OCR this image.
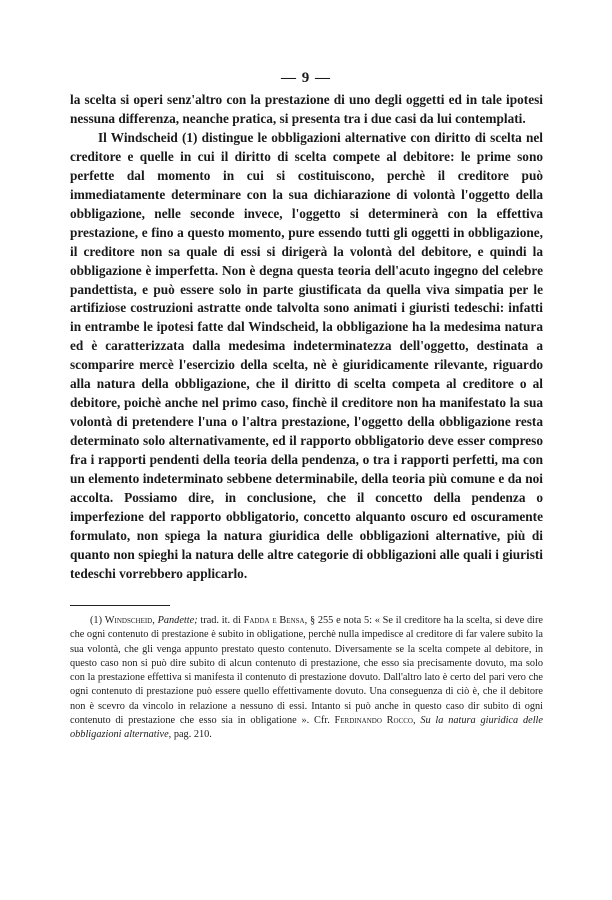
— 9 —

la scelta si operi senz'altro con la prestazione di uno degli oggetti ed in tale ipotesi nessuna differenza, neanche pratica, si presenta tra i due casi da lui contemplati.

Il Windscheid (1) distingue le obbligazioni alternative con diritto di scelta nel creditore e quelle in cui il diritto di scelta compete al debitore: le prime sono perfette dal momento in cui si costituiscono, perchè il creditore può immediatamente determinare con la sua dichiarazione di volontà l'oggetto della obbligazione, nelle seconde invece, l'oggetto si determinerà con la effettiva prestazione, e fino a questo momento, pure essendo tutti gli oggetti in obbligazione, il creditore non sa quale di essi si dirigerà la volontà del debitore, e quindi la obbligazione è imperfetta. Non è degna questa teoria dell'acuto ingegno del celebre pandettista, e può essere solo in parte giustificata da quella viva simpatia per le artifiziose costruzioni astratte onde talvolta sono animati i giuristi tedeschi: infatti in entrambe le ipotesi fatte dal Windscheid, la obbligazione ha la medesima natura ed è caratterizzata dalla medesima indeterminatezza dell'oggetto, destinata a scomparire mercè l'esercizio della scelta, nè è giuridicamente rilevante, riguardo alla natura della obbligazione, che il diritto di scelta competa al creditore o al debitore, poichè anche nel primo caso, finchè il creditore non ha manifestato la sua volontà di pretendere l'una o l'altra prestazione, l'oggetto della obbligazione resta determinato solo alternativamente, ed il rapporto obbligatorio deve esser compreso fra i rapporti pendenti della teoria della pendenza, o tra i rapporti perfetti, ma con un elemento indeterminato sebbene determinabile, della teoria più comune e da noi accolta. Possiamo dire, in conclusione, che il concetto della pendenza o imperfezione del rapporto obbligatorio, concetto alquanto oscuro ed oscuramente formulato, non spiega la natura giuridica delle obbligazioni alternative, più di quanto non spieghi la natura delle altre categorie di obbligazioni alle quali i giuristi tedeschi vorrebbero applicarlo.

(1) Windscheid, Pandette; trad. it. di Fadda e Bensa, § 255 e nota 5: « Se il creditore ha la scelta, si deve dire che ogni contenuto di prestazione è subito in obligatione, perchè nulla impedisce al creditore di far valere subito la sua volontà, che gli venga appunto prestato questo contenuto. Diversamente se la scelta compete al debitore, in questo caso non si può dire subito di alcun contenuto di prestazione, che esso sia precisamente dovuto, ma solo con la prestazione effettiva si manifesta il contenuto di prestazione dovuto. Dall'altro lato è certo del pari vero che ogni contenuto di prestazione può essere quello effettivamente dovuto. Una conseguenza di ciò è, che il debitore non è scevro da vincolo in relazione a nessuno di essi. Intanto si può anche in questo caso dir subito di ogni contenuto di prestazione che esso sia in obligatione ». Cfr. Ferdinando Rocco, Su la natura giuridica delle obbligazioni alternative, pag. 210.
